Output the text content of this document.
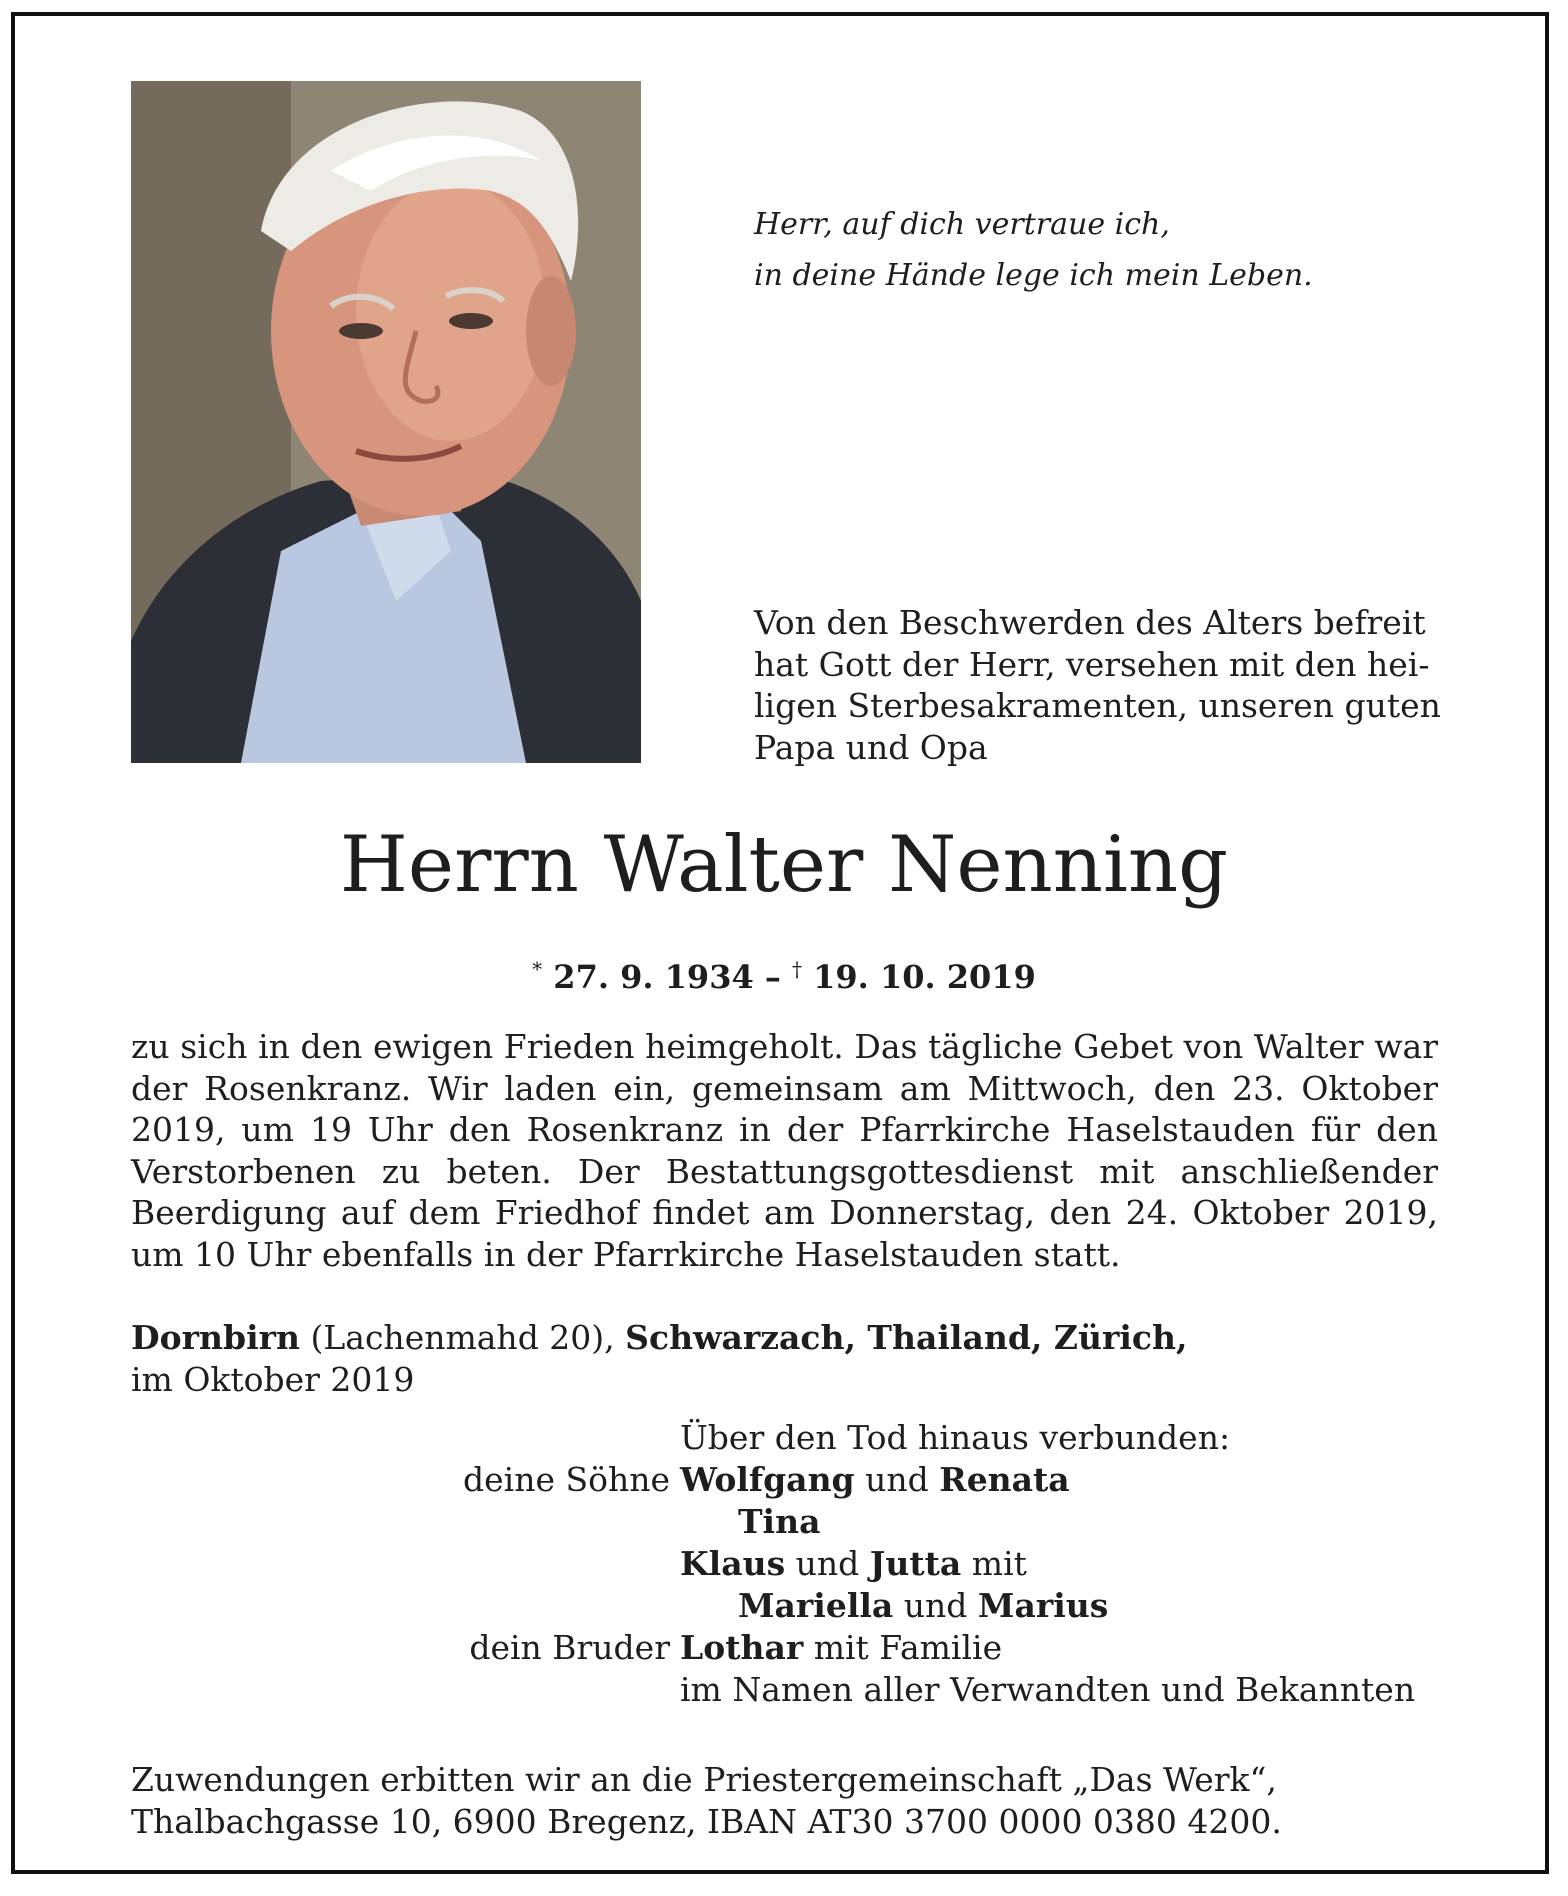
Herr, auf dich vertraue ich,
in deine Hände lege ich mein Leben.
Von den Beschwerden des Alters befreit
hat Gott der Herr, versehen mit den hei-
ligen Sterbesakramenten, unseren guten
Papa und Opa
Herrn Walter Nenning
* 27. 9. 1934 – † 19. 10. 2019
zu sich in den ewigen Frieden heimgeholt. Das tägliche Gebet von Walter war
der Rosenkranz. Wir laden ein, gemeinsam am Mittwoch, den 23. Oktober
2019, um 19 Uhr den Rosenkranz in der Pfarrkirche Haselstauden für den
Verstorbenen zu beten. Der Bestattungsgottesdienst mit anschließender
Beerdigung auf dem Friedhof findet am Donnerstag, den 24. Oktober 2019,
um 10 Uhr ebenfalls in der Pfarrkirche Haselstauden statt.
Dornbirn (Lachenmahd 20), Schwarzach, Thailand, Zürich,
im Oktober 2019
Über den Tod hinaus verbunden:
deine Söhne Wolfgang und Renata
Tina
Klaus und Jutta mit
Mariella und Marius
dein Bruder Lothar mit Familie
im Namen aller Verwandten und Bekannten
Zuwendungen erbitten wir an die Priestergemeinschaft „Das Werk“,
Thalbachgasse 10, 6900 Bregenz, IBAN AT30 3700 0000 0380 4200.
